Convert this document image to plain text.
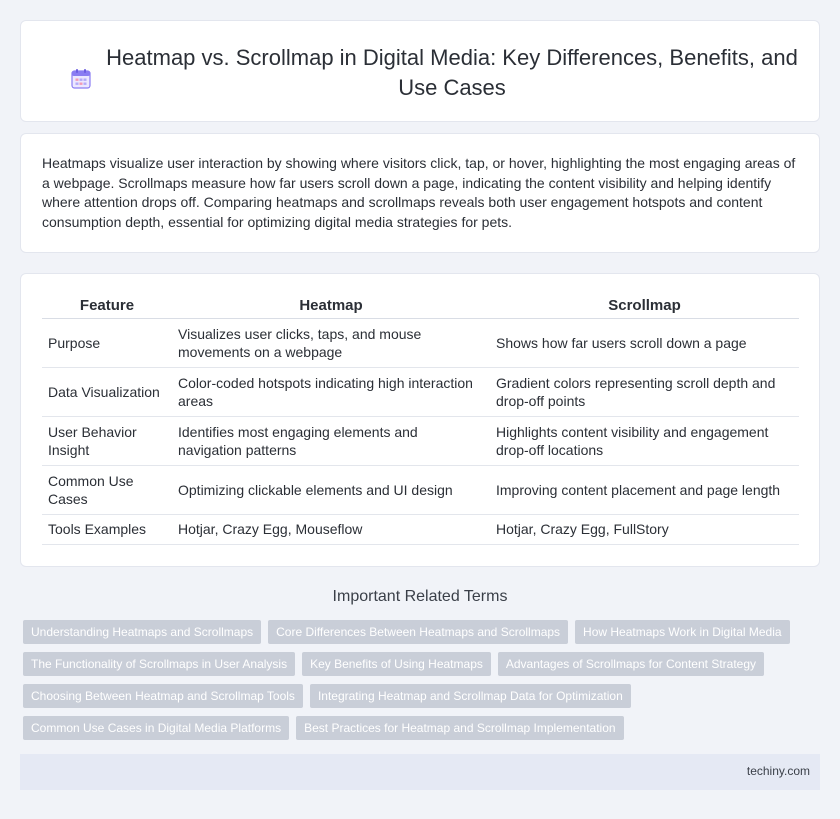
Heatmap vs. Scrollmap in Digital Media: Key Differences, Benefits, and Use Cases

Heatmaps visualize user interaction by showing where visitors click, tap, or hover, highlighting the most engaging areas of a webpage. Scrollmaps measure how far users scroll down a page, indicating the content visibility and helping identify where attention drops off. Comparing heatmaps and scrollmaps reveals both user engagement hotspots and content consumption depth, essential for optimizing digital media strategies for pets.

Feature	Heatmap	Scrollmap
Purpose	Visualizes user clicks, taps, and mouse movements on a webpage	Shows how far users scroll down a page
Data Visualization	Color-coded hotspots indicating high interaction areas	Gradient colors representing scroll depth and drop-off points
User Behavior Insight	Identifies most engaging elements and navigation patterns	Highlights content visibility and engagement drop-off locations
Common Use Cases	Optimizing clickable elements and UI design	Improving content placement and page length
Tools Examples	Hotjar, Crazy Egg, Mouseflow	Hotjar, Crazy Egg, FullStory
Important Related Terms
Understanding Heatmaps and Scrollmaps	Core Differences Between Heatmaps and Scrollmaps	How Heatmaps Work in Digital Media
The Functionality of Scrollmaps in User Analysis	Key Benefits of Using Heatmaps	Advantages of Scrollmaps for Content Strategy
Choosing Between Heatmap and Scrollmap Tools	Integrating Heatmap and Scrollmap Data for Optimization
Common Use Cases in Digital Media Platforms	Best Practices for Heatmap and Scrollmap Implementation
techiny.com
